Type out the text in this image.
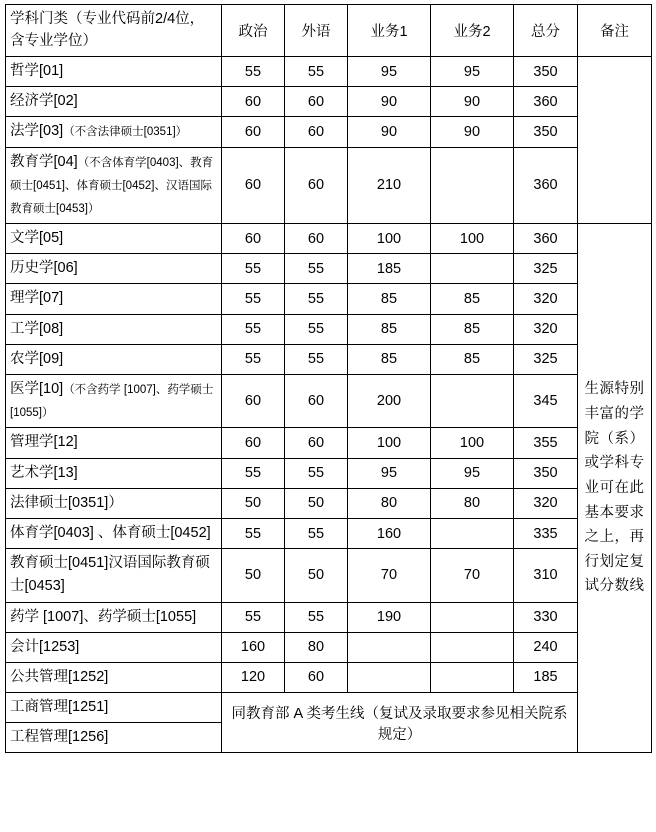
学科门类（专业代码前2/4位，含专业学位）	政治	外语	业务1	业务2	总分	备注
哲学[01]	55	55	95	95	350	
经济学[02]	60	60	90	90	360	
法学[03]（不含法律硕士[0351]）	60	60	90	90	350	
教育学[04]（不含体育学[0403]、教育硕士[0451]、体育硕士[0452]、汉语国际教育硕士[0453]）	60	60	210		360	
文学[05]	60	60	100	100	360	生源特别丰富的学院（系）或学科专业可在此基本要求之上，再行划定复试分数线
历史学[06]	55	55	185		325	
理学[07]	55	55	85	85	320	
工学[08]	55	55	85	85	320	
农学[09]	55	55	85	85	325	
医学[10]（不含药学 [1007]、药学硕士[1055]）	60	60	200		345	
管理学[12]	60	60	100	100	355	
艺术学[13]	55	55	95	95	350	
法律硕士[0351]）	50	50	80	80	320	
体育学[0403] 、体育硕士[0452]	55	55	160		335	
教育硕士[0451]汉语国际教育硕士[0453]	50	50	70	70	310	
药学 [1007]、药学硕士[1055]	55	55	190		330	
会计[1253]	160	80			240	
公共管理[1252]	120	60			185	
工商管理[1251]	同教育部 A 类考生线（复试及录取要求参见相关院系规定）					
工程管理[1256]						
